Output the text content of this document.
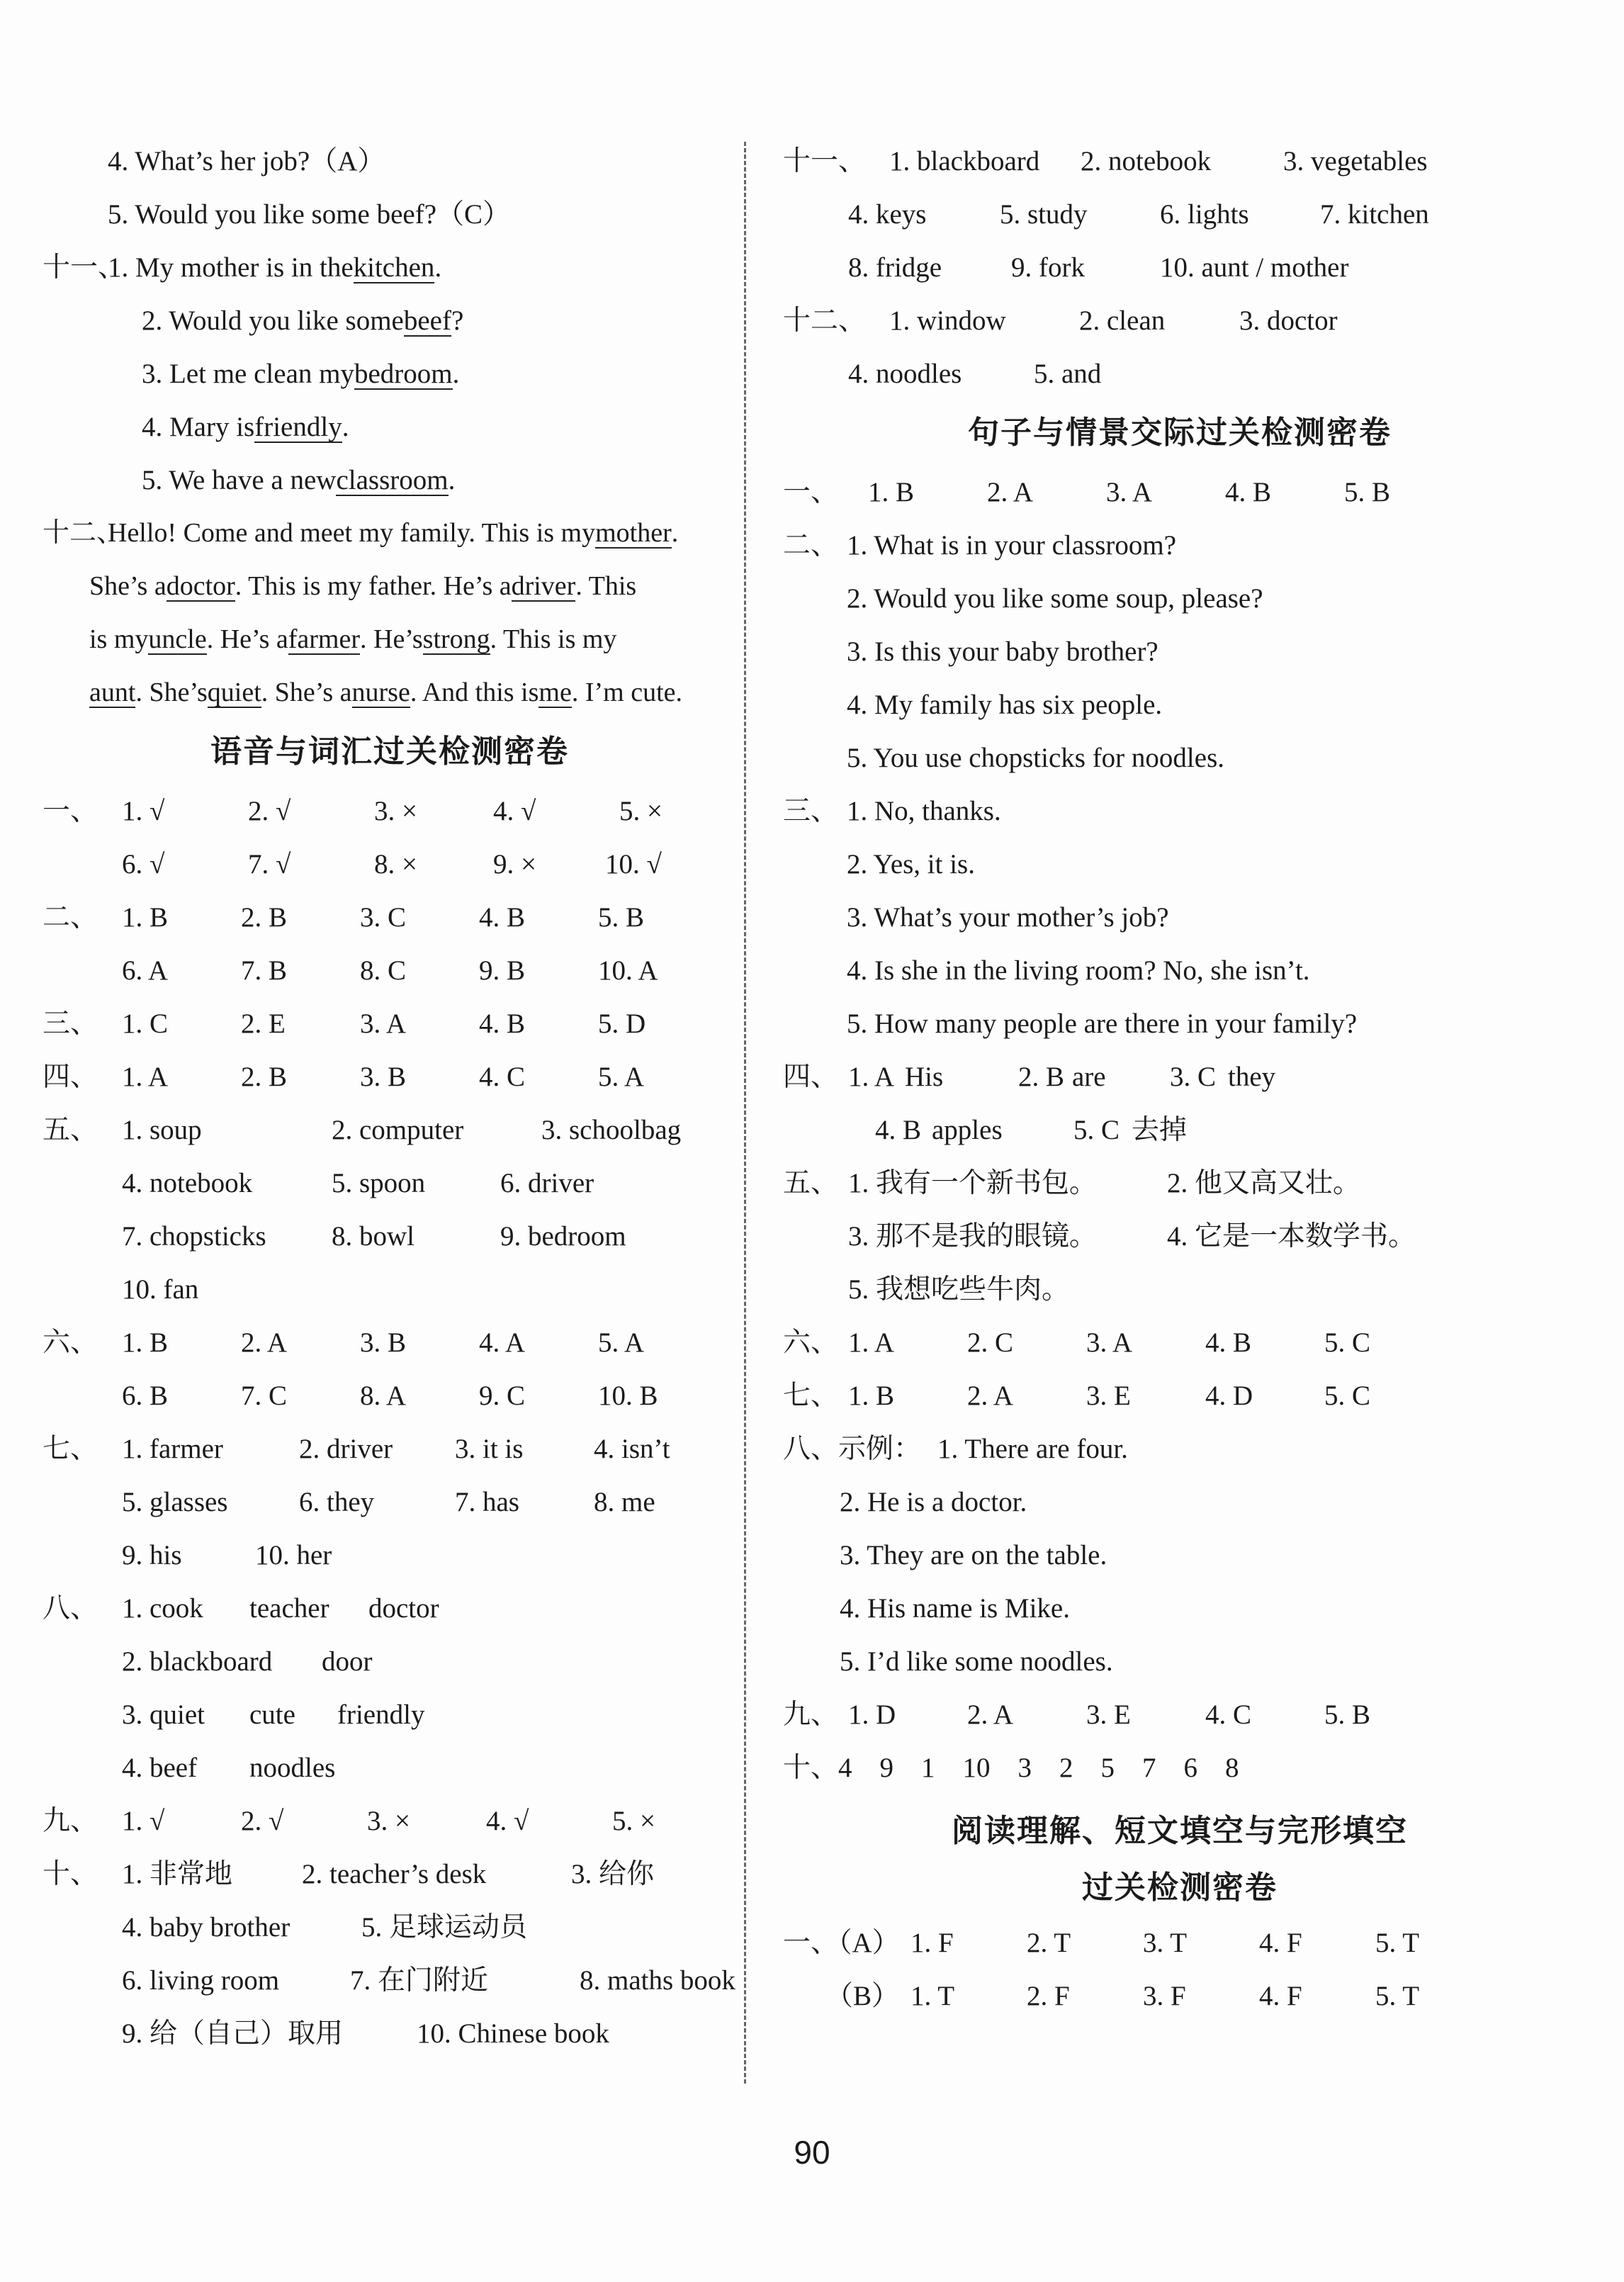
4. What’s her job?（A）
5. Would you like some beef?（C）
十一、1. My mother is in thekitchen.
2. Would you like somebeef?
3. Let me clean mybedroom.
4. Mary isfriendly.
5. We have a newclassroom.
十二、Hello! Come and meet my family. This is mymother.
She’s adoctor. This is my father. He’s adriver. This
is myuncle. He’s afarmer. He’sstrong. This is my
aunt. She’squiet. She’s anurse. And this isme. I’m cute.
语音与词汇过关检测密卷
一、 1. √	2. √	3. ×	4. √	5. ×
6. √	7. √	8. ×	9. × 10. √
二、 1. B	2. B	3. C	4. B	5. B
6. A	7. B	8. C	9. B	10. A
三、 1. C	2. E	3. A	4. B	5. D
四、 1. A	2. B	3. B	4. C	5. A
五、 1. soup	2. computer	3. schoolbag
4. notebook	5. spoon	6. driver
7. chopsticks 8. bowl	9. bedroom
10. fan
六、 1. B	2. A	3. B	4. A	5. A
6. B	7. C	8. A	9. C	10. B
七、 1. farmer	2. driver 3. it is	4. isn’t
5. glasses	6. they	7. has	8. me
9. his	10. her
八、 1. cook teacher doctor
2. blackboard door
3. quiet cute friendly
4. beef noodles
九、 1. √	2. √	3. ×	4. √	5. ×
十、 1. 非常地	2. teacher’s desk	3. 给你
4. baby brother	5. 足球运动员
6. living room	7. 在门附近	8. maths book
9. 给（自己）取用	10. Chinese book
十一、 1. blackboard 2. notebook	3. vegetables
4. keys	5. study	6. lights	7. kitchen
8. fridge	9. fork	10. aunt / mother
十二、 1. window	2. clean	3. doctor
4. noodles	5. and
句子与情景交际过关检测密卷
一、 1. B	2. A	3. A	4. B	5. B
二、 1. What is in your classroom?
2. Would you like some soup, please?
3. Is this your baby brother?
4. My family has six people.
5. You use chopsticks for noodles.
三、 1. No, thanks.
2. Yes, it is.
3. What’s your mother’s job?
4. Is she in the living room? No, she isn’t.
5. How many people are there in your family?
四、 1. A His	2. B are 3. C they
4. B apples	5. C 去掉
五、 1. 我有一个新书包。	2. 他又高又壮。
3. 那不是我的眼镜。	4. 它是一本数学书。
5. 我想吃些牛肉。
六、 1. A	2. C	3. A	4. B	5. C
七、 1. B	2. A	3. E	4. D	5. C
八、示例： 1. There are four.
2. He is a doctor.
3. They are on the table.
4. His name is Mike.
5. I’d like some noodles.
九、 1. D	2. A	3. E	4. C	5. B
十、4　9　1　10　3　2　5　7　6　8
阅读理解、短文填空与完形填空
过关检测密卷
一、（A） 1. F	2. T	3. T	4. F	5. T
（B） 1. T	2. F	3. F	4. F	5. T
90
